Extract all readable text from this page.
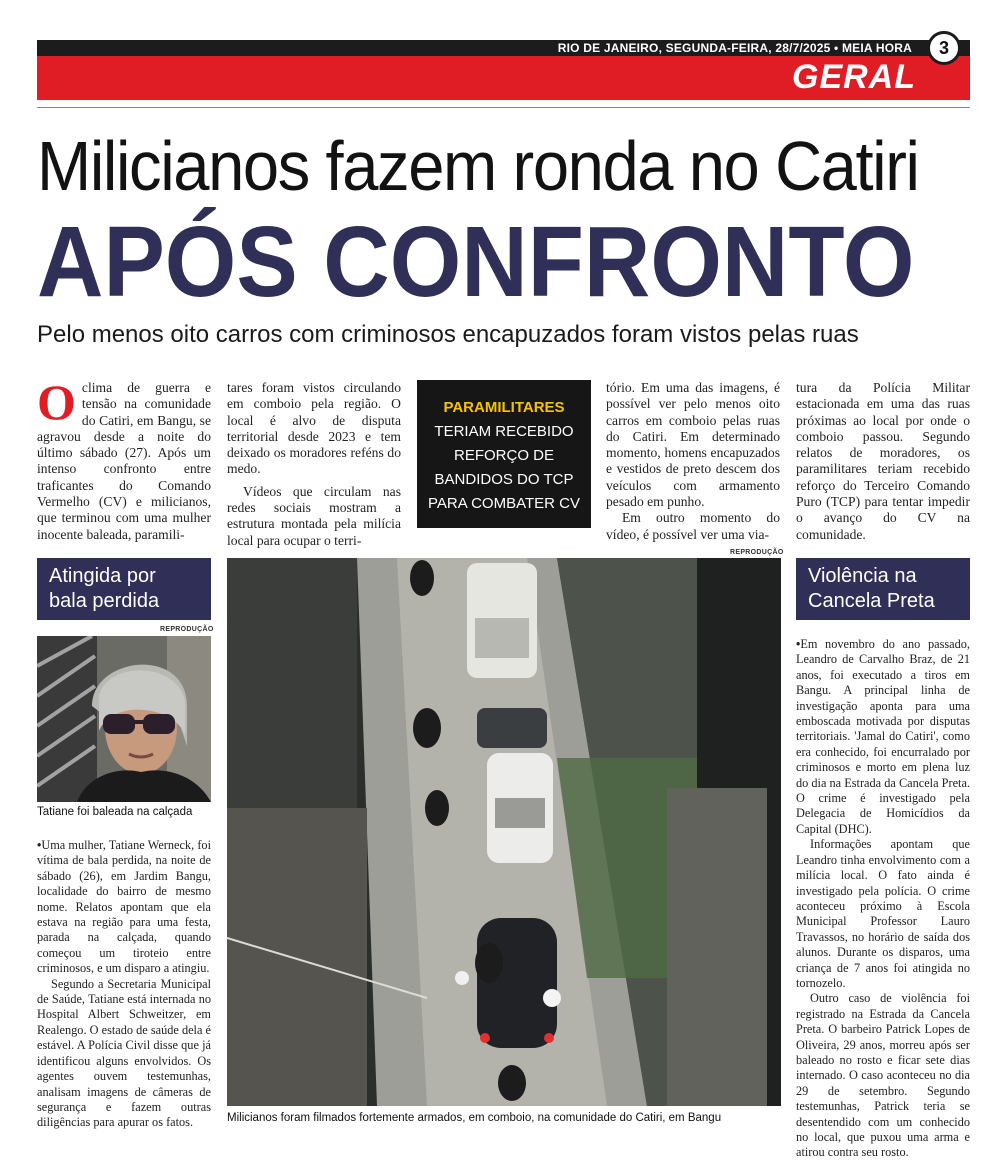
RIO DE JANEIRO, SEGUNDA-FEIRA, 28/7/2025 • MEIA HORA
GERAL
3
Milicianos fazem ronda no Catiri
APÓS CONFRONTO
Pelo menos oito carros com criminosos encapuzados foram vistos pelas ruas

Oclima de guerra e tensão na comunidade do Catiri, em Bangu, se agravou desde a noite do último sábado (27). Após um intenso confronto entre traficantes do Comando Vermelho (CV) e milicianos, que terminou com uma mulher inocente baleada, paramili-

tares foram vistos circulando em comboio pela região. O local é alvo de disputa territorial desde 2023 e tem deixado os moradores reféns do medo.

Vídeos que circulam nas redes sociais mostram a estrutura montada pela milícia local para ocupar o terri-

PARAMILITARES
TERIAM RECEBIDO REFORÇO DE BANDIDOS DO TCP PARA COMBATER CV

tório. Em uma das imagens, é possível ver pelo menos oito carros em comboio pelas ruas do Catiri. Em determinado momento, homens encapuzados e vestidos de preto descem dos veículos com armamento pesado em punho.

Em outro momento do vídeo, é possível ver uma via-

tura da Polícia Militar estacionada em uma das ruas próximas ao local por onde o comboio passou. Segundo relatos de moradores, os paramilitares teriam recebido reforço do Terceiro Comando Puro (TCP) para tentar impedir o avanço do CV na comunidade.

Atingida por
bala perdida
REPRODUÇÃO
Tatiane foi baleada na calçada

•Uma mulher, Tatiane Werneck, foi vítima de bala perdida, na noite de sábado (26), em Jardim Bangu, localidade do bairro de mesmo nome. Relatos apontam que ela estava na região para uma festa, parada na calçada, quando começou um tiroteio entre criminosos, e um disparo a atingiu.

Segundo a Secretaria Municipal de Saúde, Tatiane está internada no Hospital Albert Schweitzer, em Realengo. O estado de saúde dela é estável. A Polícia Civil disse que já identificou alguns envolvidos. Os agentes ouvem testemunhas, analisam imagens de câmeras de segurança e fazem outras diligências para apurar os fatos.

REPRODUÇÃO
Milicianos foram filmados fortemente armados, em comboio, na comunidade do Catiri, em Bangu
Violência na
Cancela Preta

•Em novembro do ano passado, Leandro de Carvalho Braz, de 21 anos, foi executado a tiros em Bangu. A principal linha de investigação aponta para uma emboscada motivada por disputas territoriais. 'Jamal do Catiri', como era conhecido, foi encurralado por criminosos e morto em plena luz do dia na Estrada da Cancela Preta. O crime é investigado pela Delegacia de Homicídios da Capital (DHC).

Informações apontam que Leandro tinha envolvimento com a milícia local. O fato ainda é investigado pela polícia. O crime aconteceu próximo à Escola Municipal Professor Lauro Travassos, no horário de saída dos alunos. Durante os disparos, uma criança de 7 anos foi atingida no tornozelo.

Outro caso de violência foi registrado na Estrada da Cancela Preta. O barbeiro Patrick Lopes de Oliveira, 29 anos, morreu após ser baleado no rosto e ficar sete dias internado. O caso aconteceu no dia 29 de setembro. Segundo testemunhas, Patrick teria se desentendido com um conhecido no local, que puxou uma arma e atirou contra seu rosto.
